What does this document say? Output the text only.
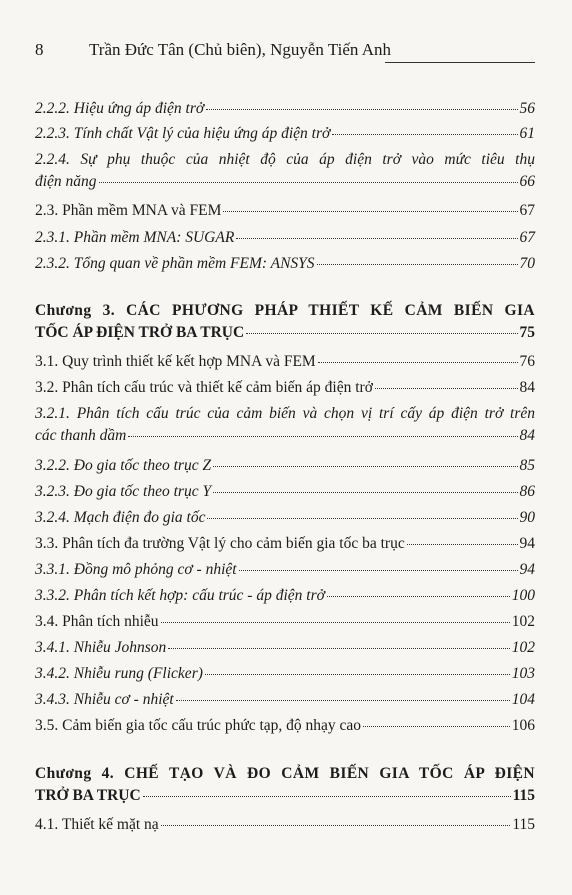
8	Trần Đức Tân (Chủ biên), Nguyễn Tiến Anh
2.2.2. Hiệu ứng áp điện trở	56
2.2.3. Tính chất Vật lý của hiệu ứng áp điện trở	61
2.2.4. Sự phụ thuộc của nhiệt độ của áp điện trở vào mức tiêu thụ
điện năng	66
2.3. Phần mềm MNA và FEM	67
2.3.1. Phần mềm MNA: SUGAR	67
2.3.2. Tổng quan về phần mềm FEM: ANSYS	70
Chương 3. CÁC PHƯƠNG PHÁP THIẾT KẾ CẢM BIẾN GIA
TỐC ÁP ĐIỆN TRỞ BA TRỤC	75
3.1. Quy trình thiết kế kết hợp MNA và FEM	76
3.2. Phân tích cấu trúc và thiết kế cảm biến áp điện trở	84
3.2.1. Phân tích cấu trúc của cảm biến và chọn vị trí cấy áp điện trở trên
các thanh dầm	84
3.2.2. Đo gia tốc theo trục Z	85
3.2.3. Đo gia tốc theo trục Y	86
3.2.4. Mạch điện đo gia tốc	90
3.3. Phân tích đa trường Vật lý cho cảm biến gia tốc ba trục	94
3.3.1. Đồng mô phỏng cơ - nhiệt	94
3.3.2. Phân tích kết hợp: cấu trúc - áp điện trở	100
3.4. Phân tích nhiễu	102
3.4.1. Nhiễu Johnson	102
3.4.2. Nhiễu rung (Flicker)	103
3.4.3. Nhiễu cơ - nhiệt	104
3.5. Cảm biến gia tốc cấu trúc phức tạp, độ nhạy cao	106
Chương 4. CHẾ TẠO VÀ ĐO CẢM BIẾN GIA TỐC ÁP ĐIỆN
TRỞ BA TRỤC	115
4.1. Thiết kế mặt nạ	115
